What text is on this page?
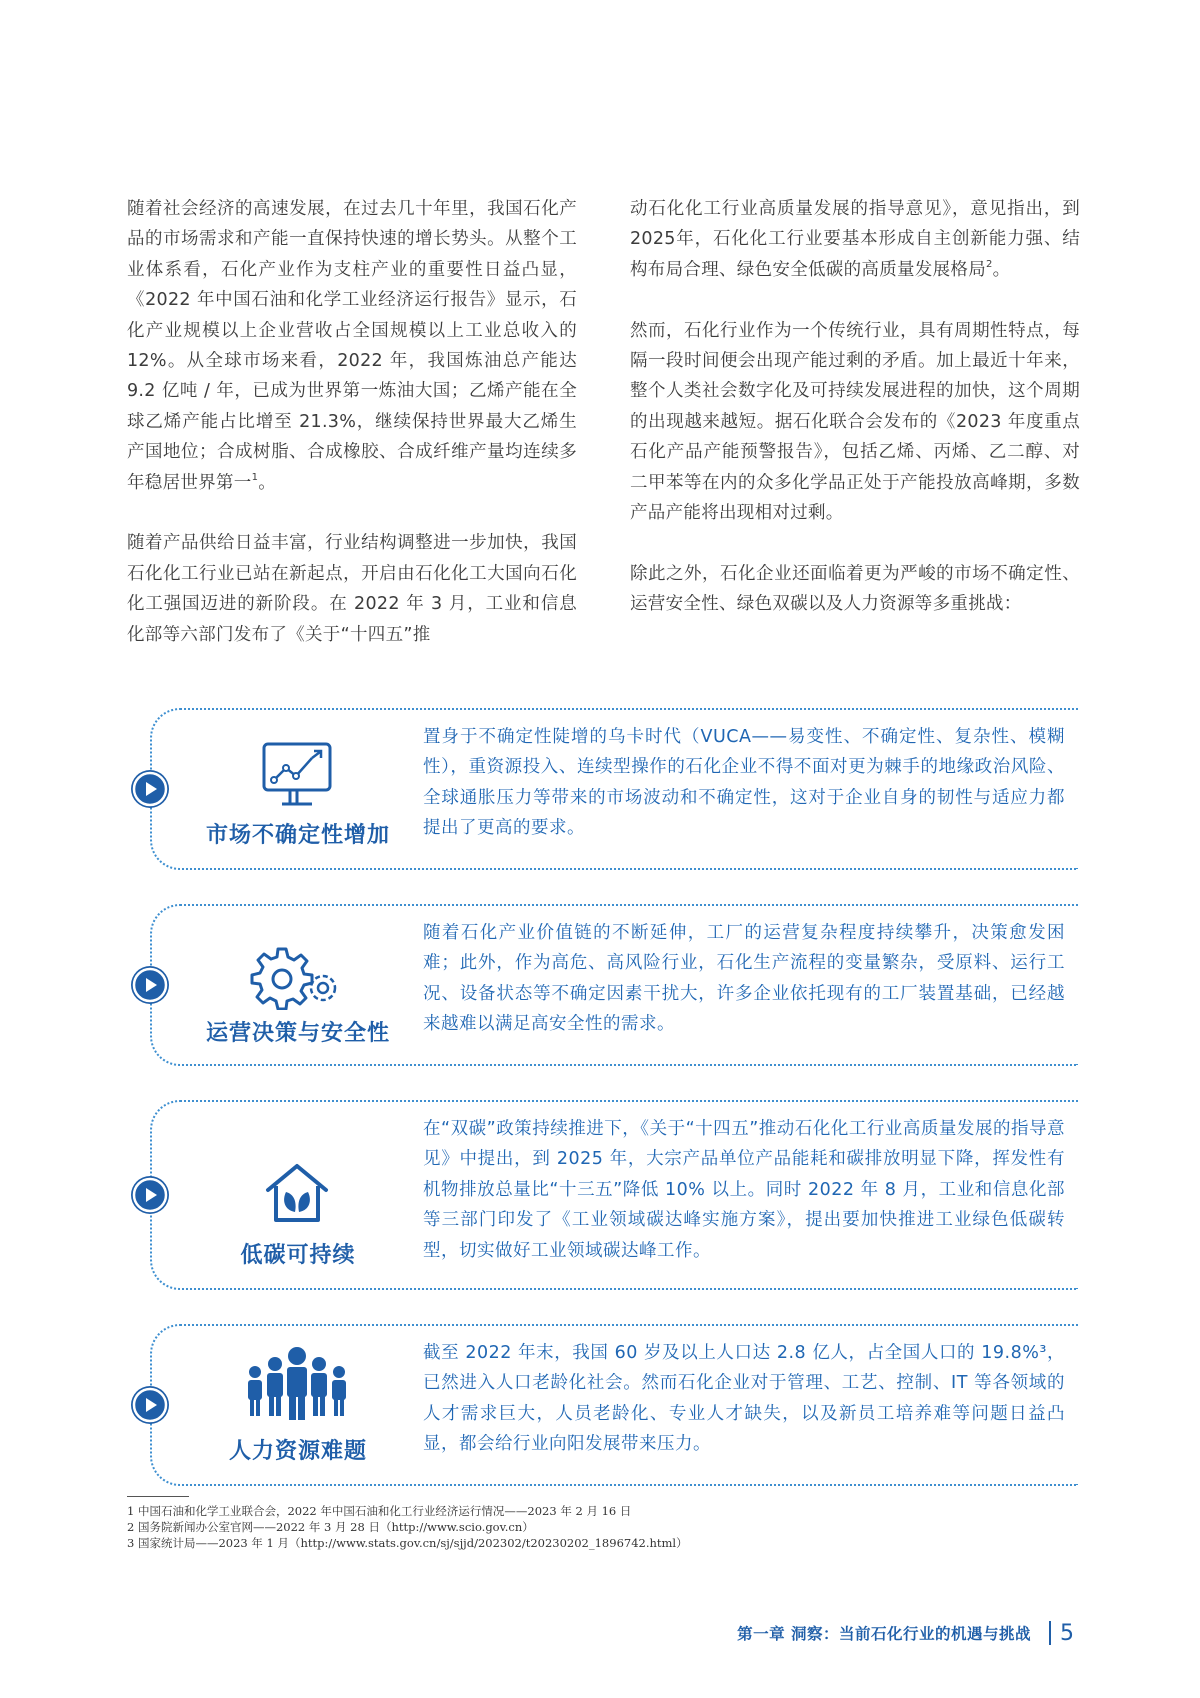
随着社会经济的高速发展，在过去几十年里，我国石化产品的市场需求和产能一直保持快速的增长势头。从整个工业体系看，石化产业作为支柱产业的重要性日益凸显，《2022 年中国石油和化学工业经济运行报告》显示，石化产业规模以上企业营收占全国规模以上工业总收入的12%。从全球市场来看，2022 年，我国炼油总产能达 9.2 亿吨 / 年，已成为世界第一炼油大国；乙烯产能在全球乙烯产能占比增至 21.3%，继续保持世界最大乙烯生产国地位；合成树脂、合成橡胶、合成纤维产量均连续多年稳居世界第一$^1$。

随着产品供给日益丰富，行业结构调整进一步加快，我国石化化工行业已站在新起点，开启由石化化工大国向石化化工强国迈进的新阶段。在 2022 年 3 月，工业和信息化部等六部门发布了《关于“十四五”推

动石化化工行业高质量发展的指导意见》，意见指出，到2025年，石化化工行业要基本形成自主创新能力强、结构布局合理、绿色安全低碳的高质量发展格局$^2$。

然而，石化行业作为一个传统行业，具有周期性特点，每隔一段时间便会出现产能过剩的矛盾。加上最近十年来，整个人类社会数字化及可持续发展进程的加快，这个周期的出现越来越短。据石化联合会发布的《2023 年度重点石化产品产能预警报告》，包括乙烯、丙烯、乙二醇、对二甲苯等在内的众多化学品正处于产能投放高峰期，多数产品产能将出现相对过剩。

除此之外，石化企业还面临着更为严峻的市场不确定性、运营安全性、绿色双碳以及人力资源等多重挑战：

市场不确定性增加

置身于不确定性陡增的乌卡时代（VUCA——易变性、不确定性、复杂性、模糊性），重资源投入、连续型操作的石化企业不得不面对更为棘手的地缘政治风险、全球通胀压力等带来的市场波动和不确定性，这对于企业自身的韧性与适应力都提出了更高的要求。

运营决策与安全性

随着石化产业价值链的不断延伸，工厂的运营复杂程度持续攀升，决策愈发困难；此外，作为高危、高风险行业，石化生产流程的变量繁杂，受原料、运行工况、设备状态等不确定因素干扰大，许多企业依托现有的工厂装置基础，已经越来越难以满足高安全性的需求。

低碳可持续

在“双碳”政策持续推进下，《关于“十四五”推动石化化工行业高质量发展的指导意见》中提出，到 2025 年，大宗产品单位产品能耗和碳排放明显下降，挥发性有机物排放总量比“十三五”降低 10% 以上。同时 2022 年 8 月，工业和信息化部等三部门印发了《工业领域碳达峰实施方案》，提出要加快推进工业绿色低碳转型，切实做好工业领域碳达峰工作。

人力资源难题

截至 2022 年末，我国 60 岁及以上人口达 2.8 亿人，占全国人口的 19.8%³，已然进入人口老龄化社会。然而石化企业对于管理、工艺、控制、IT 等各领域的人才需求巨大，人员老龄化、专业人才缺失，以及新员工培养难等问题日益凸显，都会给行业向阳发展带来压力。

1 中国石油和化学工业联合会，2022 年中国石油和化工行业经济运行情况——2023 年 2 月 16 日
2 国务院新闻办公室官网——2022 年 3 月 28 日（http://www.scio.gov.cn）
3 国家统计局——2023 年 1 月（http://www.stats.gov.cn/sj/sjjd/202302/t20230202_1896742.html）
第一章 洞察：当前石化行业的机遇与挑战 5
